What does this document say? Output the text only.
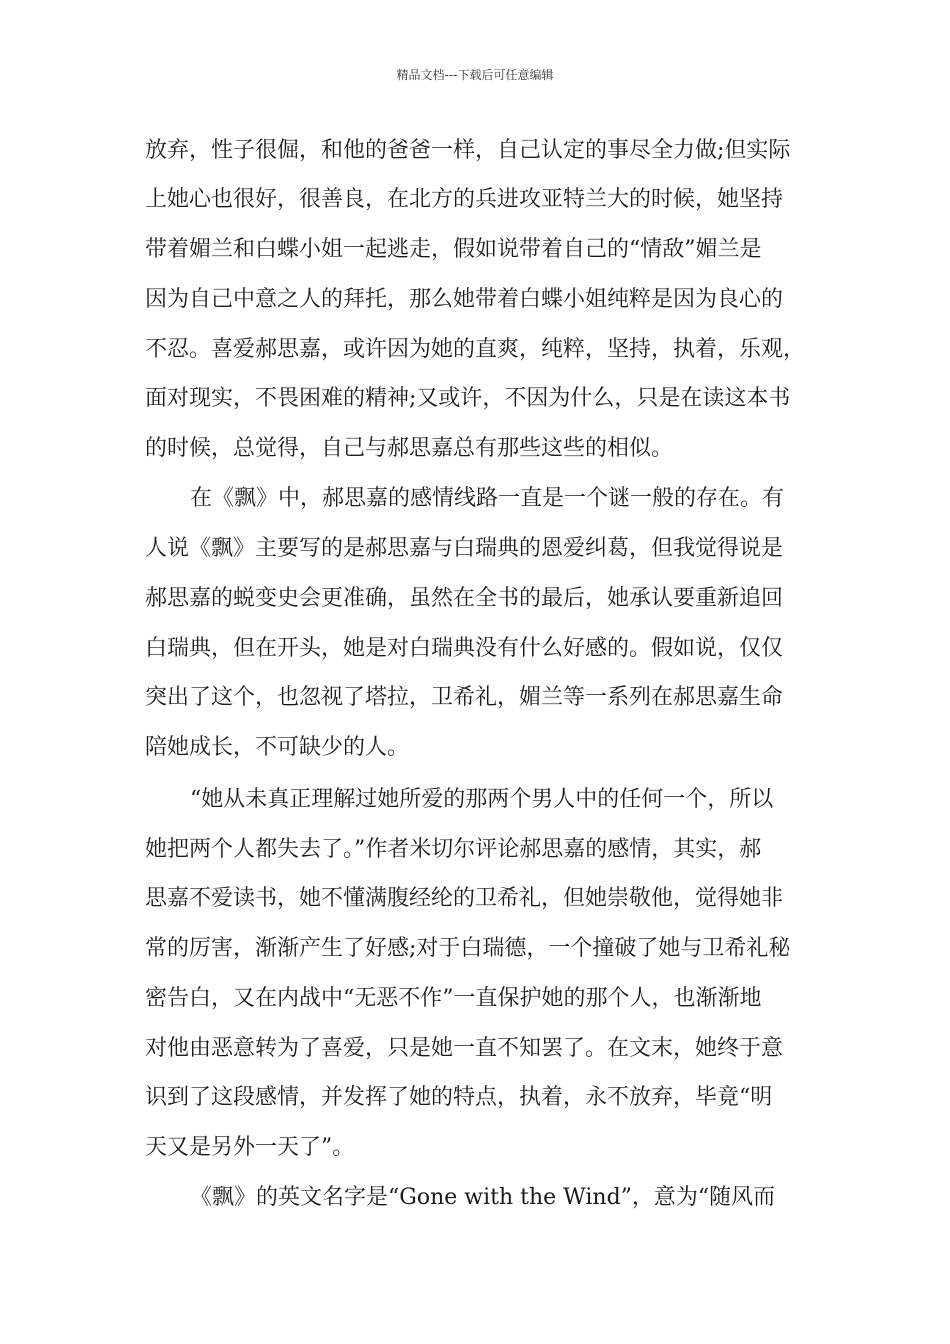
精品文档---下载后可任意编辑
放弃，性子很倔，和他的爸爸一样，自己认定的事尽全力做;但实际
上她心也很好，很善良，在北方的兵进攻亚特兰大的时候，她坚持
带着媚兰和白蝶小姐一起逃走，假如说带着自己的“情敌”媚兰是
因为自己中意之人的拜托，那么她带着白蝶小姐纯粹是因为良心的
不忍。喜爱郝思嘉，或许因为她的直爽，纯粹，坚持，执着，乐观，
面对现实，不畏困难的精神;又或许，不因为什么，只是在读这本书
的时候，总觉得，自己与郝思嘉总有那些这些的相似。
在《飘》中，郝思嘉的感情线路一直是一个谜一般的存在。有
人说《飘》主要写的是郝思嘉与白瑞典的恩爱纠葛，但我觉得说是
郝思嘉的蜕变史会更准确，虽然在全书的最后，她承认要重新追回
白瑞典，但在开头，她是对白瑞典没有什么好感的。假如说，仅仅
突出了这个，也忽视了塔拉，卫希礼，媚兰等一系列在郝思嘉生命
陪她成长，不可缺少的人。
“她从未真正理解过她所爱的那两个男人中的任何一个，所以
她把两个人都失去了。”作者米切尔评论郝思嘉的感情，其实，郝
思嘉不爱读书，她不懂满腹经纶的卫希礼，但她崇敬他，觉得她非
常的厉害，渐渐产生了好感;对于白瑞德，一个撞破了她与卫希礼秘
密告白，又在内战中“无恶不作”一直保护她的那个人，也渐渐地
对他由恶意转为了喜爱，只是她一直不知罢了。在文末，她终于意
识到了这段感情，并发挥了她的特点，执着，永不放弃，毕竟“明
天又是另外一天了”。
《飘》的英文名字是“Gone with the Wind”，意为“随风而
